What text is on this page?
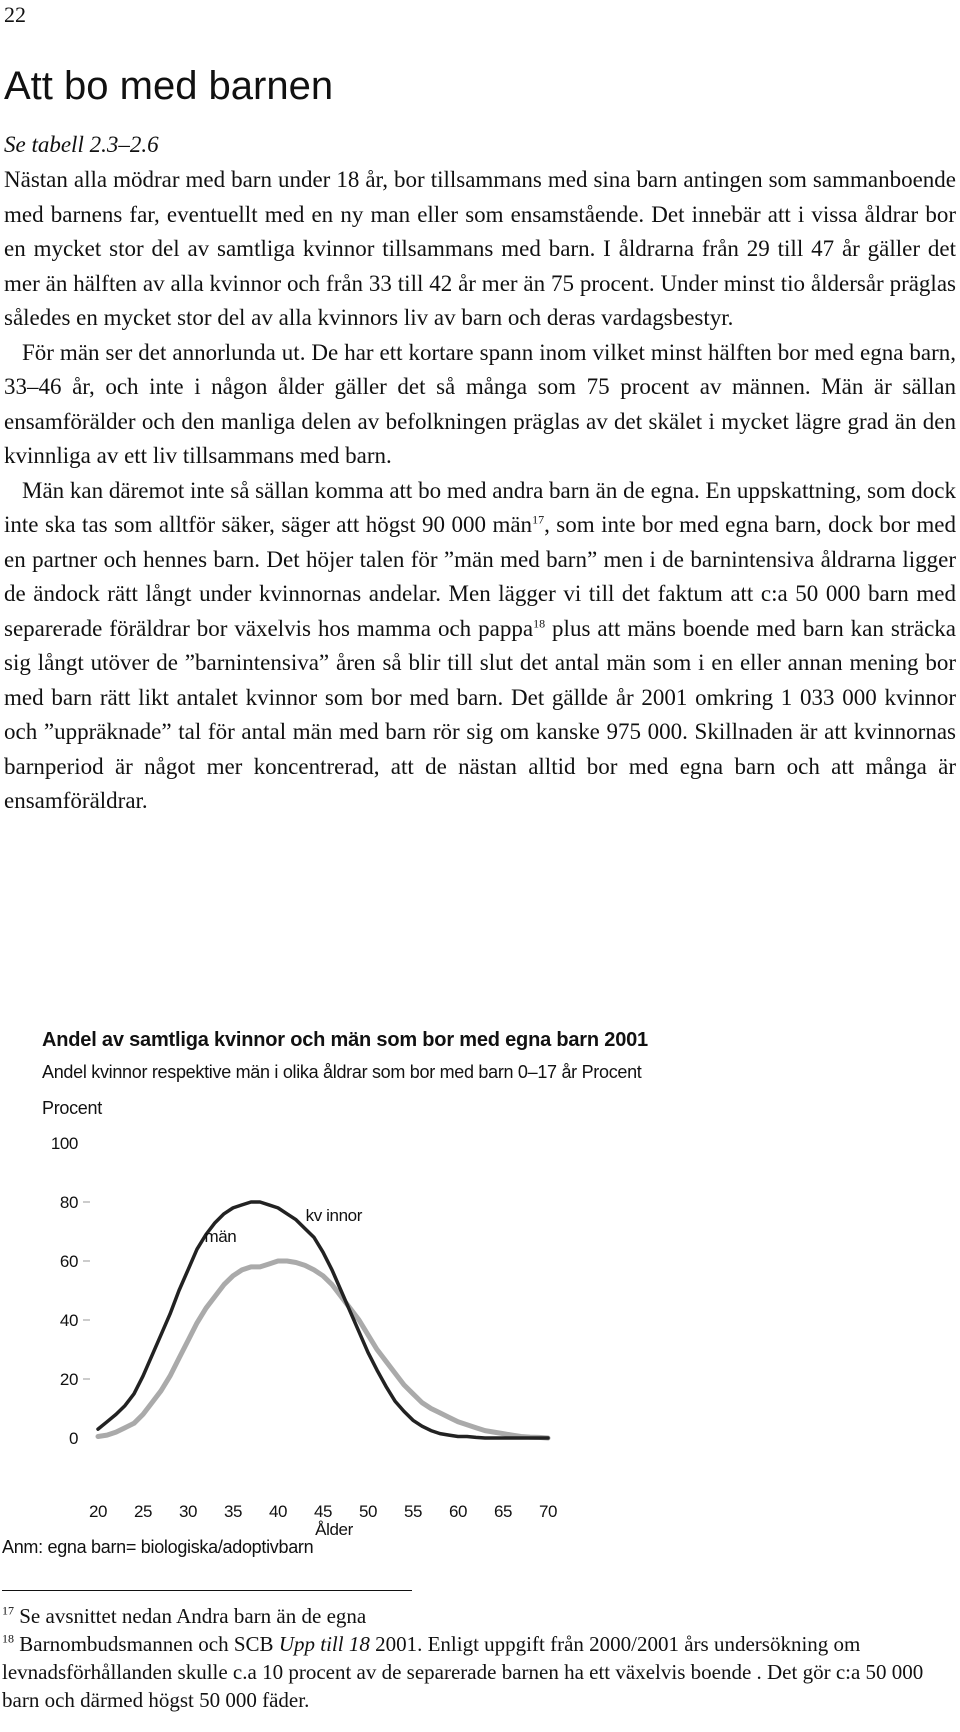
22
Att bo med barnen
Se tabell 2.3–2.6

Nästan alla mödrar med barn under 18 år, bor tillsammans med sina barn antingen som sammanboende med barnens far, eventuellt med en ny man eller som ensamstående. Det innebär att i vissa åldrar bor en mycket stor del av samtliga kvinnor tillsammans med barn. I åldrarna från 29 till 47 år gäller det mer än hälften av alla kvinnor och från 33 till 42 år mer än 75 procent. Under minst tio åldersår präglas således en mycket stor del av alla kvinnors liv av barn och deras vardagsbestyr.

För män ser det annorlunda ut. De har ett kortare spann inom vilket minst hälften bor med egna barn, 33–46 år, och inte i någon ålder gäller det så många som 75 procent av männen. Män är sällan ensamförälder och den manliga delen av befolkningen präglas av det skälet i mycket lägre grad än den kvinnliga av ett liv tillsammans med barn.

Män kan däremot inte så sällan komma att bo med andra barn än de egna. En uppskattning, som dock inte ska tas som alltför säker, säger att högst 90 000 män$^{17}$, som inte bor med egna barn, dock bor med en partner och hennes barn. Det höjer talen för ”män med barn” men i de barnintensiva åldrarna ligger de ändock rätt långt under kvinnornas andelar. Men lägger vi till det faktum att c:a 50 000 barn med separerade föräldrar bor växelvis hos mamma och pappa$^{18}$ plus att mäns boende med barn kan sträcka sig långt utöver de ”barnintensiva” åren så blir till slut det antal män som i en eller annan mening bor med barn rätt likt antalet kvinnor som bor med barn. Det gällde år 2001 omkring 1 033 000 kvinnor och ”uppräknade” tal för antal män med barn rör sig om kanske 975 000. Skillnaden är att kvinnornas barnperiod är något mer koncentrerad, att de nästan alltid bor med egna barn och att många är ensamföräldrar.

Andel av samtliga kvinnor och män som bor med egna barn 2001
Andel kvinnor respektive män i olika åldrar som bor med barn 0–17 år Procent
Procent
100
80
60
40
20
0
20 25 30 35 40 45 50 55 60 65 70
Ålder
män
kv innor
Anm: egna barn= biologiska/adoptivbarn

$^{17}$ Se avsnittet nedan Andra barn än de egna

$^{18}$ Barnombudsmannen och SCB Upp till 18 2001. Enligt uppgift från 2000/2001 års undersökning om levnadsförhållanden skulle c.a 10 procent av de separerade barnen ha ett växelvis boende . Det gör c:a 50 000 barn och därmed högst 50 000 fäder.
